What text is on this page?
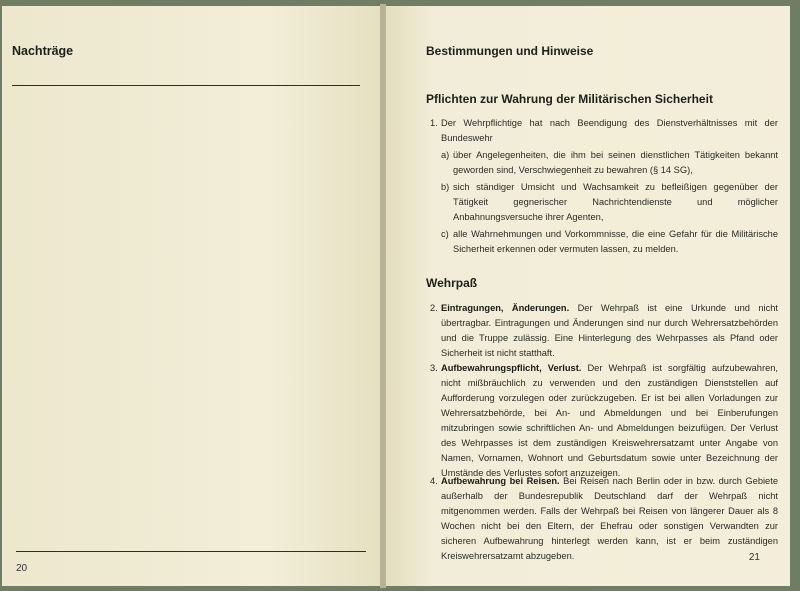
Nachträge
20
Bestimmungen und Hinweise
Pflichten zur Wahrung der Militärischen Sicherheit
1. Der Wehrpflichtige hat nach Beendigung des Dienstverhältnisses mit der Bundeswehr
a) über Angelegenheiten, die ihm bei seinen dienstlichen Tätigkeiten bekannt geworden sind, Verschwiegenheit zu bewahren (§ 14 SG),
b) sich ständiger Umsicht und Wachsamkeit zu befleißigen gegenüber der Tätigkeit gegnerischer Nachrichtendienste und möglicher Anbahnungsversuche ihrer Agenten,
c) alle Wahrnehmungen und Vorkommnisse, die eine Gefahr für die Militärische Sicherheit erkennen oder vermuten lassen, zu melden.
Wehrpaß
2. Eintragungen, Änderungen. Der Wehrpaß ist eine Urkunde und nicht übertragbar. Eintragungen und Änderungen sind nur durch Wehrersatzbehörden und die Truppe zulässig. Eine Hinterlegung des Wehrpasses als Pfand oder Sicherheit ist nicht statthaft.
3. Aufbewahrungspflicht, Verlust. Der Wehrpaß ist sorgfältig aufzubewahren, nicht mißbräuchlich zu verwenden und den zuständigen Dienststellen auf Aufforderung vorzulegen oder zurückzugeben. Er ist bei allen Vorladungen zur Wehrersatzbehörde, bei An- und Abmeldungen und bei Einberufungen mitzubringen sowie schriftlichen An- und Abmeldungen beizufügen. Der Verlust des Wehrpasses ist dem zuständigen Kreiswehrersatzamt unter Angabe von Namen, Vornamen, Wohnort und Geburtsdatum sowie unter Bezeichnung der Umstände des Verlustes sofort anzuzeigen.
4. Aufbewahrung bei Reisen. Bei Reisen nach Berlin oder in bzw. durch Gebiete außerhalb der Bundesrepublik Deutschland darf der Wehrpaß nicht mitgenommen werden. Falls der Wehrpaß bei Reisen von längerer Dauer als 8 Wochen nicht bei den Eltern, der Ehefrau oder sonstigen Verwandten zur sicheren Aufbewahrung hinterlegt werden kann, ist er beim zuständigen Kreiswehrersatzamt abzugeben.	21
